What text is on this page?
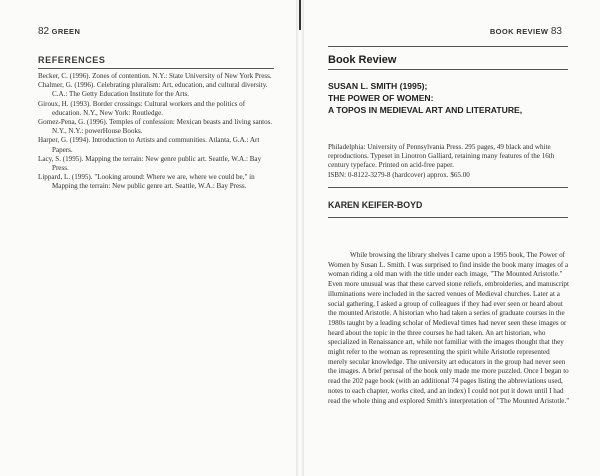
82 GREEN
REFERENCES
Becker, C. (1996). Zones of contention. N.Y.: State University of New York Press.
Chalmer, G. (1996). Celebrating pluralism: Art, education, and cultural diversity. C.A.: The Getty Education Institute for the Arts.
Giroux, H. (1993). Border crossings: Cultural workers and the politics of education. N.Y., New York: Routledge.
Gomez-Pena, G. (1996). Temples of confession: Mexican beasts and living santos. N.Y., N.Y.: powerHouse Books.
Harper, G. (1994). Introduction to Artists and communities. Atlanta, G.A.: Art Papers.
Lacy, S. (1995). Mapping the terrain: New genre public art. Seattle, W.A.: Bay Press.
Lippard, L. (1995). "Looking around: Where we are, where we could be," in Mapping the terrain: New public genre art. Seattle, W.A.: Bay Press.
BOOK REVIEW 83
Book Review
SUSAN L. SMITH (1995);
THE POWER OF WOMEN:
A TOPOS IN MEDIEVAL ART AND LITERATURE,
Philadelphia: University of Pennsylvania Press. 295 pages, 49 black and white reproductions. Typeset in Linotron Galliard, retaining many features of the 16th century typeface. Printed on acid-free paper.
ISBN: 0-8122-3279-8 (hardcover) approx. $65.00
KAREN KEIFER-BOYD

While browsing the library shelves I came upon a 1995 book, The Power of Women by Susan L. Smith. I was surprised to find inside the book many images of a woman riding a old man with the title under each image, "The Mounted Aristotle." Even more unusual was that these carved stone reliefs, embroideries, and manuscript illuminations were included in the sacred venues of Medieval churches. Later at a social gathering, I asked a group of colleagues if they had ever seen or heard about the mounted Aristotle. A historian who had taken a series of graduate courses in the 1980s taught by a leading scholar of Medieval times had never seen these images or heard about the topic in the three courses he had taken. An art historian, who specialized in Renaissance art, while not familiar with the images thought that they might refer to the woman as representing the spirit while Aristotle represented merely secular knowledge. The university art educators in the group had never seen the images. A brief perusal of the book only made me more puzzled. Once I began to read the 202 page book (with an additional 74 pages listing the abbreviations used, notes to each chapter, works cited, and an index) I could not put it down until I had read the whole thing and explored Smith's interpretation of "The Mounted Aristotle."
